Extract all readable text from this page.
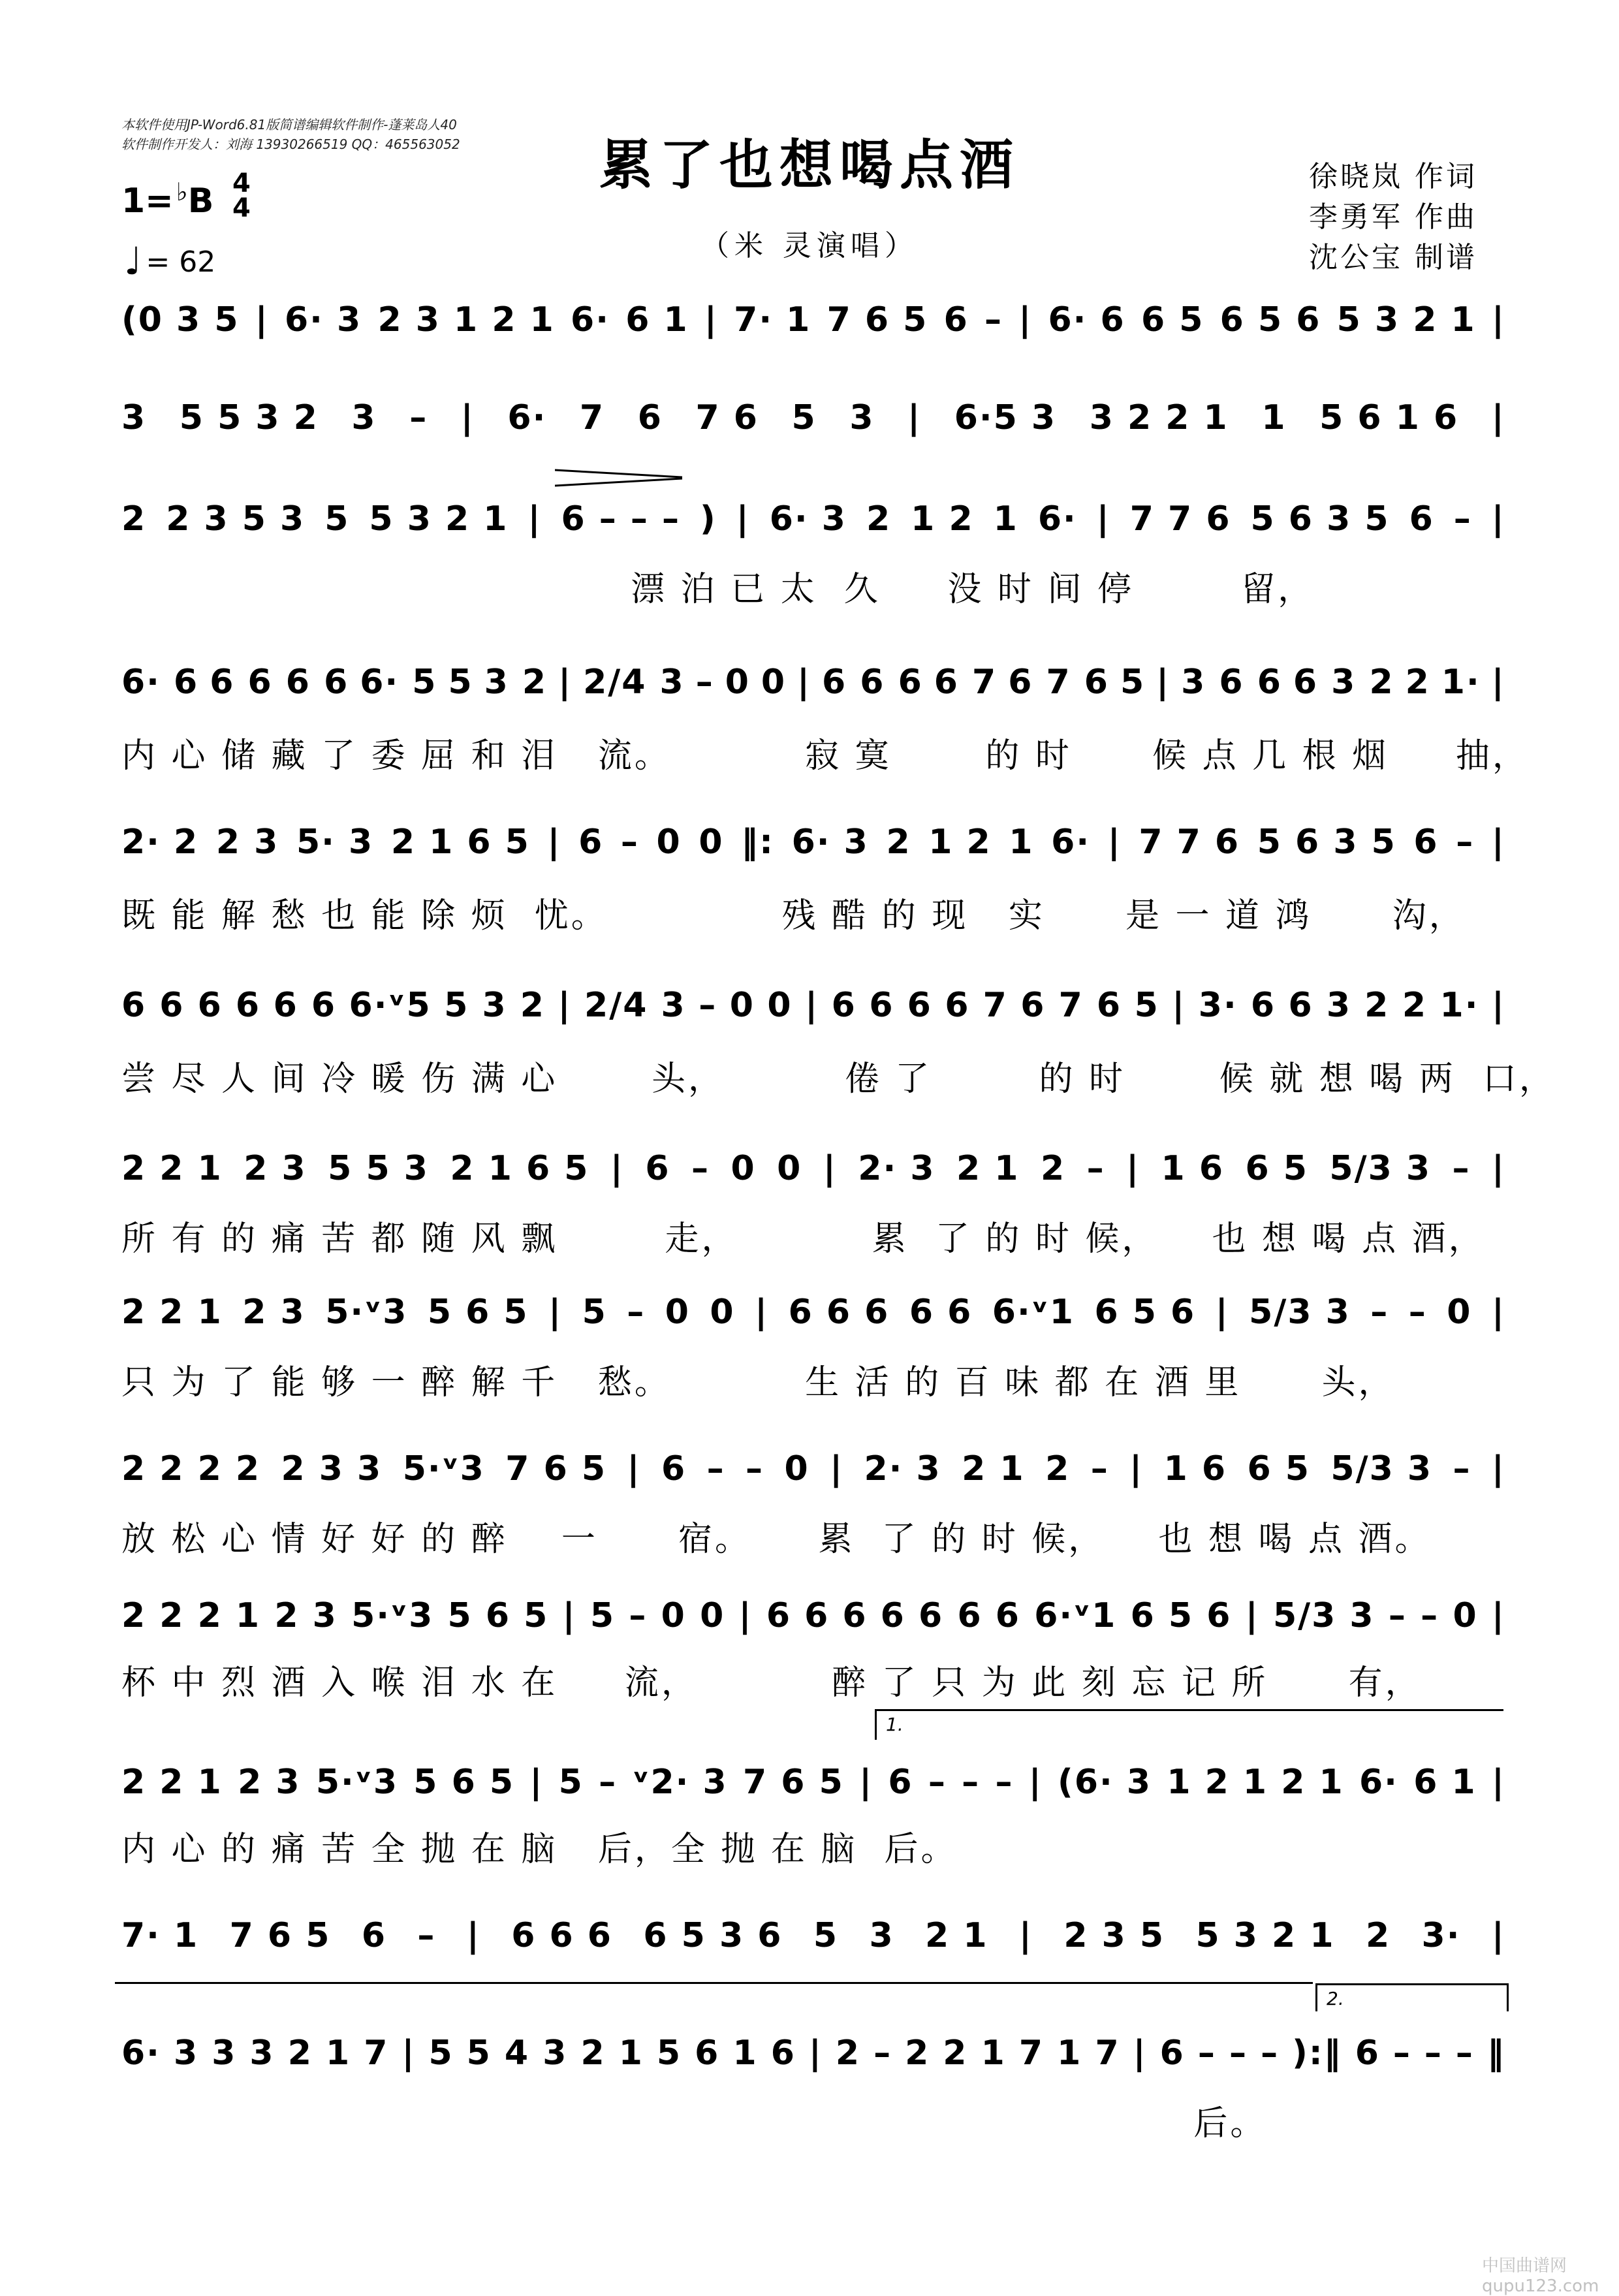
本软件使用JP-Word6.81版简谱编辑软件制作-蓬莱岛人40
软件制作开发人：刘海 13930266519 QQ：465563052	累了也想喝点酒
（米 灵演唱）
徐晓岚 作词
李勇军 作曲
沈公宝 制谱
1= ♭B 4
4
♩ = 62
1.
2.
(0 3 5 | 6· 3 2 3 1 2 1 6· 6 1 | 7· 1 7 6 5 6 – | 6· 6 6 5 6 5 6 5 3 2 1 |
3 5 5 3 2 3 – | 6· 7 6 7 6 5 3 | 6·5 3 3 2 2 1 1 5 6 1 6 |
2 2 3 5 3 5 5 3 2 1 | 6 – – – ) | 6· 3 2 1 2 1 6· | 7 7 6 5 6 3 5 6 – |
漂 泊 已 太  久     没 时 间 停        留，
6· 6 6 6 6 6 6· 5 5 3 2 | 2/4 3 – 0 0 | 6 6 6 6 7 6 7 6 5 | 3 6 6 6 3 2 2 1· |
内 心 储 藏 了 委 屈 和 泪   流。          寂 寞       的 时      候 点 几 根 烟     抽，
2· 2 2 3 5· 3 2 1 6 5 | 6 – 0 0 ‖: 6· 3 2 1 2 1 6· | 7 7 6 5 6 3 5 6 – |
既 能 解 愁 也 能 除 烦  忧。             残 酷 的 现   实      是 一 道 鸿      沟，
6 6 6 6 6 6 6·ᵛ5 5 3 2 | 2/4 3 – 0 0 | 6 6 6 6 7 6 7 6 5 | 3· 6 6 3 2 2 1· |
尝 尽 人 间 冷 暖 伤 满 心       头，         倦 了        的 时       候 就 想 喝 两  口，
2 2 1 2 3 5 5 3 2 1 6 5 | 6 – 0 0 | 2· 3 2 1 2 – | 1 6 6 5 5/3 3 – |
所 有 的 痛 苦 都 随 风 飘        走，          累  了 的 时 候，    也 想 喝 点 酒，
2 2 1 2 3 5·ᵛ3 5 6 5 | 5 – 0 0 | 6 6 6 6 6 6·ᵛ1 6 5 6 | 5/3 3 – – 0 |
只 为 了 能 够 一 醉 解 千   愁。          生 活 的 百 味 都 在 酒 里      头，
2 2 2 2 2 3 3 5·ᵛ3 7 6 5 | 6 – – 0 | 2· 3 2 1 2 – | 1 6 6 5 5/3 3 – |
放 松 心 情 好 好 的 醉    一      宿。     累  了 的 时 候，    也 想 喝 点 酒。
2 2 2 1 2 3 5·ᵛ3 5 6 5 | 5 – 0 0 | 6 6 6 6 6 6 6 6·ᵛ1 6 5 6 | 5/3 3 – – 0 |
杯 中 烈 酒 入 喉 泪 水 在     流，          醉 了 只 为 此 刻 忘 记 所      有，
2 2 1 2 3 5·ᵛ3 5 6 5 | 5 – ᵛ2· 3 7 6 5 | 6 – – – | (6· 3 1 2 1 2 1 6· 6 1 |
内 心 的 痛 苦 全 抛 在 脑   后，全 抛 在 脑  后。
7· 1 7 6 5 6 – | 6 6 6 6 5 3 6 5 3 2 1 | 2 3 5 5 3 2 1 2 3· |
6· 3 3 3 2 1 7 | 5 5 4 3 2 1 5 6 1 6 | 2 – 2 2 1 7 1 7 | 6 – – – ):‖ 6 – – – ‖
后。
中国曲谱网 qupu123.com
